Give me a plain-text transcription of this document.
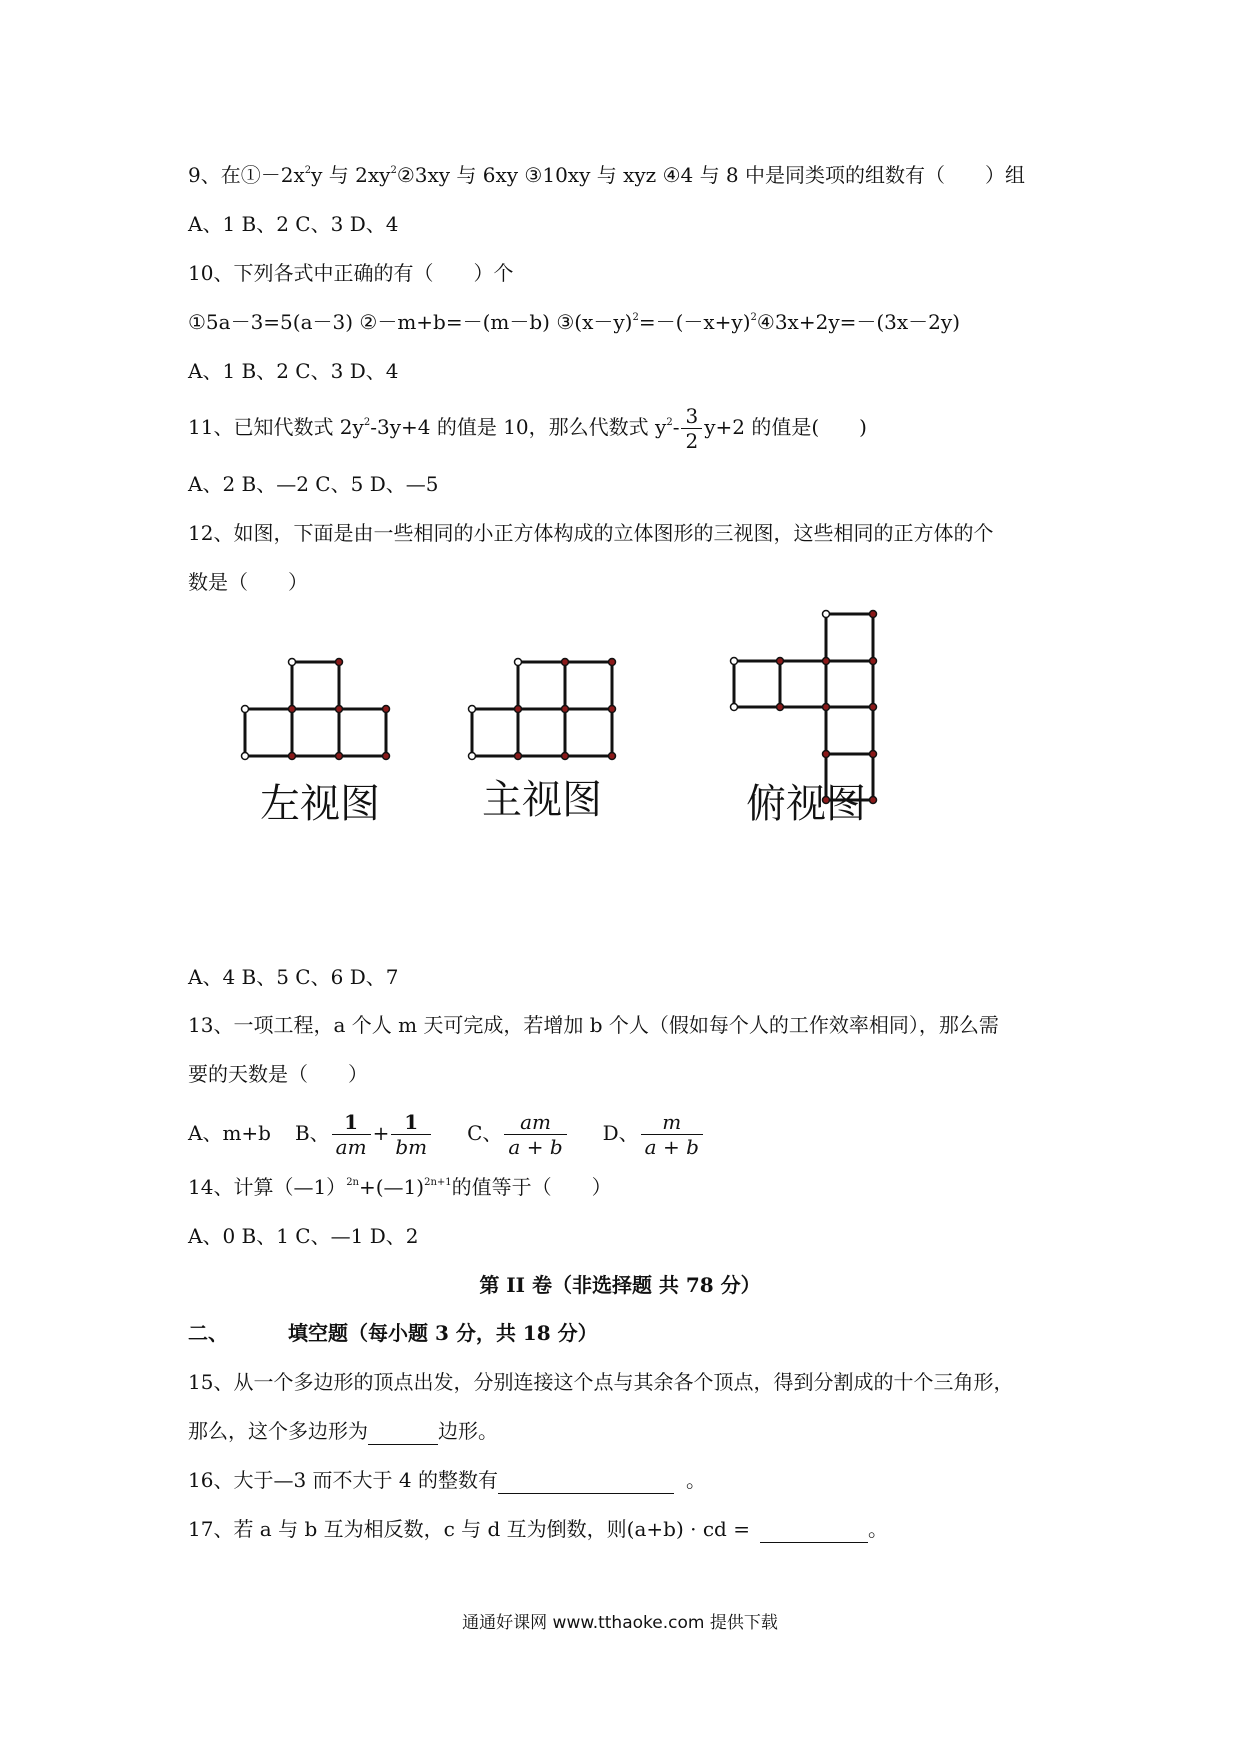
9、在$①-2x^2y$ 与 $2xy^2②3xy$ 与 6xy ③10xy 与 xyz ④4 与 8 中是同类项的组数有（　　）组
A、1 B、2 C、3 D、4
10、下列各式中正确的有（　　）个
①5a－3=5(a－3) ②－m+b=－(m－b) $③(x-y)^2=-(-x+y)^2④3x+2y=-(3x-2y)$
A、1 B、2 C、3 D、4
11、已知代数式 $2y^2-3y+4$ 的值是 10，那么代数式 $y^2- \frac{3}{2} y+2$ 的值是(　　)
A、2 B、—2 C、5 D、—5
12、如图，下面是由一些相同的小正方体构成的立体图形的三视图，这些相同的正方体的个
数是（　　）
左视图	主视图	俯视图
A、4 B、5 C、6 D、7
13、一项工程，a 个人 m 天可完成，若增加 b 个人（假如每个人的工作效率相同），那么需
要的天数是（　　）
A、m+b B、 $\frac{1}{am} + \frac{1}{bm}$ C、 $\frac{am}{a + b}$ D、 $\frac{m}{a + b}$
14、计算（—1）$^{2n}$+(—1)$^{2n+1}$的值等于（　　）
A、0 B、1 C、—1 D、2
第 II 卷（非选择题 共 78 分）
二、	填空题（每小题 3 分，共 18 分）
15、从一个多边形的顶点出发，分别连接这个点与其余各个顶点，得到分割成的十个三角形，
那么，这个多边形为	边形。
16、大于—3 而不大于 4 的整数有	。
17、若 a 与 b 互为相反数，c 与 d 互为倒数，则(a+b) · cd =	。
通通好课网 www.tthaoke.com 提供下载
